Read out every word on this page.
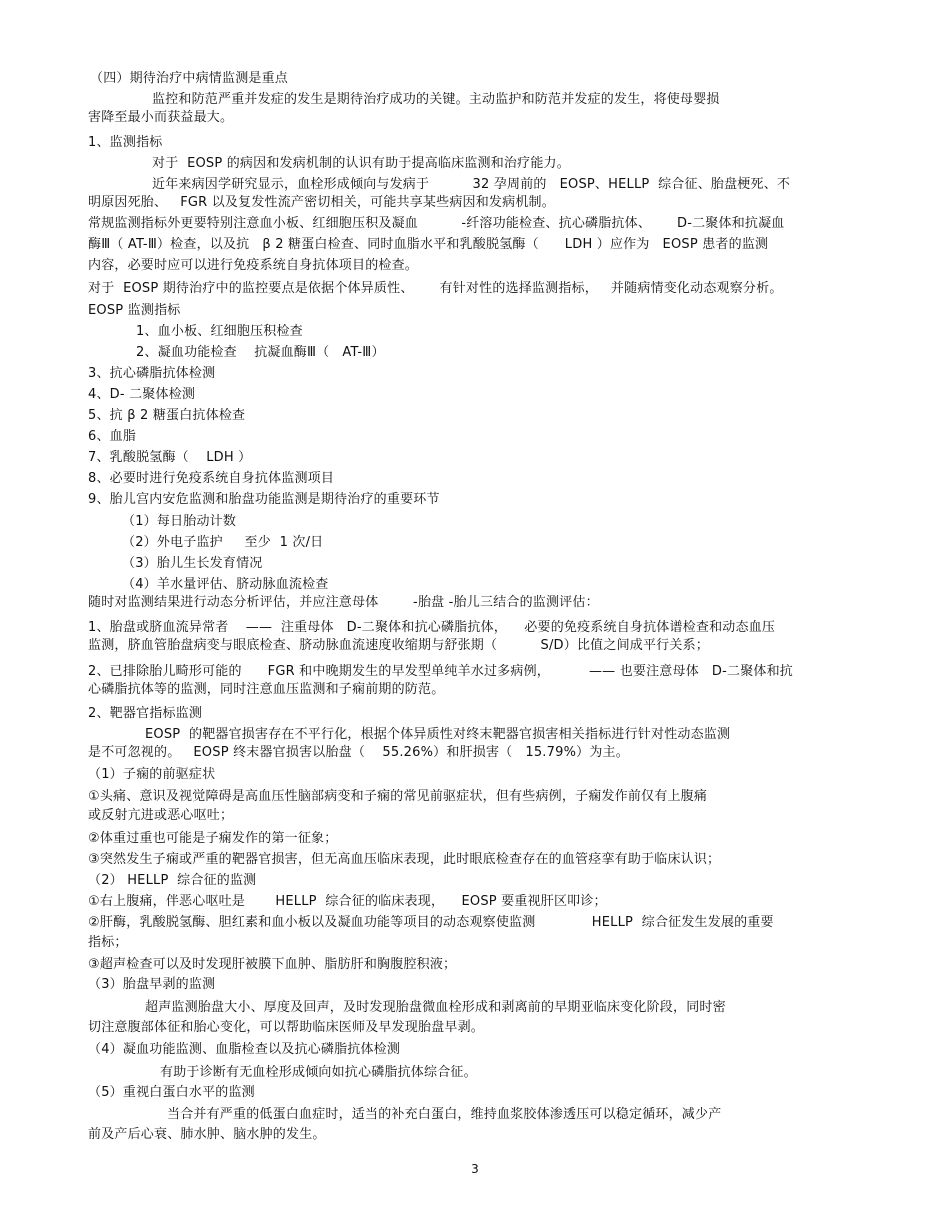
（四）期待治疗中病情监测是重点
监控和防范严重并发症的发生是期待治疗成功的关键。主动监护和防范并发症的发生，将使母婴损
害降至最小而获益最大。
1、监测指标
对于  EOSP 的病因和发病机制的认识有助于提高临床监测和治疗能力。
近年来病因学研究显示，血栓形成倾向与发病于          32 孕周前的   EOSP、HELLP  综合征、胎盘梗死、不
明原因死胎、   FGR 以及复发性流产密切相关，可能共享某些病因和发病机制。
常规监测指标外更要特别注意血小板、红细胞压积及凝血          -纤溶功能检查、抗心磷脂抗体、      D-二聚体和抗凝血
酶Ⅲ（ AT-Ⅲ）检查，以及抗   β 2 糖蛋白检查、同时血脂水平和乳酸脱氢酶（      LDH ）应作为   EOSP 患者的监测
内容，必要时应可以进行免疫系统自身抗体项目的检查。
对于  EOSP 期待治疗中的监控要点是依据个体异质性、      有针对性的选择监测指标，   并随病情变化动态观察分析。
EOSP 监测指标
1、血小板、红细胞压积检查
2、凝血功能检查    抗凝血酶Ⅲ（   AT-Ⅲ）
3、抗心磷脂抗体检测
4、D- 二聚体检测
5、抗 β 2 糖蛋白抗体检查
6、血脂
7、乳酸脱氢酶（    LDH ）
8、必要时进行免疫系统自身抗体监测项目
9、胎儿宫内安危监测和胎盘功能监测是期待治疗的重要环节
（1）每日胎动计数
（2）外电子监护     至少  1 次/日
（3）胎儿生长发育情况
（4）羊水量评估、脐动脉血流检查
随时对监测结果进行动态分析评估，并应注意母体        -胎盘 -胎儿三结合的监测评估：
1、胎盘或脐血流异常者    ——  注重母体   D-二聚体和抗心磷脂抗体，    必要的免疫系统自身抗体谱检查和动态血压
监测，脐血管胎盘病变与眼底检查、脐动脉血流速度收缩期与舒张期（          S/D）比值之间成平行关系；
2、已排除胎儿畸形可能的      FGR 和中晚期发生的早发型单纯羊水过多病例，         —— 也要注意母体   D-二聚体和抗
心磷脂抗体等的监测，同时注意血压监测和子痫前期的防范。
2、靶器官指标监测
EOSP  的靶器官损害存在不平行化，根据个体异质性对终末靶器官损害相关指标进行针对性动态监测
是不可忽视的。   EOSP 终末器官损害以胎盘（    55.26%）和肝损害（   15.79%）为主。
（1）子痫的前驱症状
①头痛、意识及视觉障碍是高血压性脑部病变和子痫的常见前驱症状，但有些病例，子痫发作前仅有上腹痛
或反射亢进或恶心呕吐；
②体重过重也可能是子痫发作的第一征象；
③突然发生子痫或严重的靶器官损害，但无高血压临床表现，此时眼底检查存在的血管痉挛有助于临床认识；
（2） HELLP  综合征的监测
①右上腹痛，伴恶心呕吐是       HELLP  综合征的临床表现，    EOSP 要重视肝区叩诊；
②肝酶，乳酸脱氢酶、胆红素和血小板以及凝血功能等项目的动态观察使监测             HELLP  综合征发生发展的重要
指标；
③超声检查可以及时发现肝被膜下血肿、脂肪肝和胸腹腔积液；
（3）胎盘早剥的监测
超声监测胎盘大小、厚度及回声，及时发现胎盘微血栓形成和剥离前的早期亚临床变化阶段，同时密
切注意腹部体征和胎心变化，可以帮助临床医师及早发现胎盘早剥。
（4）凝血功能监测、血脂检查以及抗心磷脂抗体检测
有助于诊断有无血栓形成倾向如抗心磷脂抗体综合征。
（5）重视白蛋白水平的监测
当合并有严重的低蛋白血症时，适当的补充白蛋白，维持血浆胶体渗透压可以稳定循环，减少产
前及产后心衰、肺水肿、脑水肿的发生。
3
